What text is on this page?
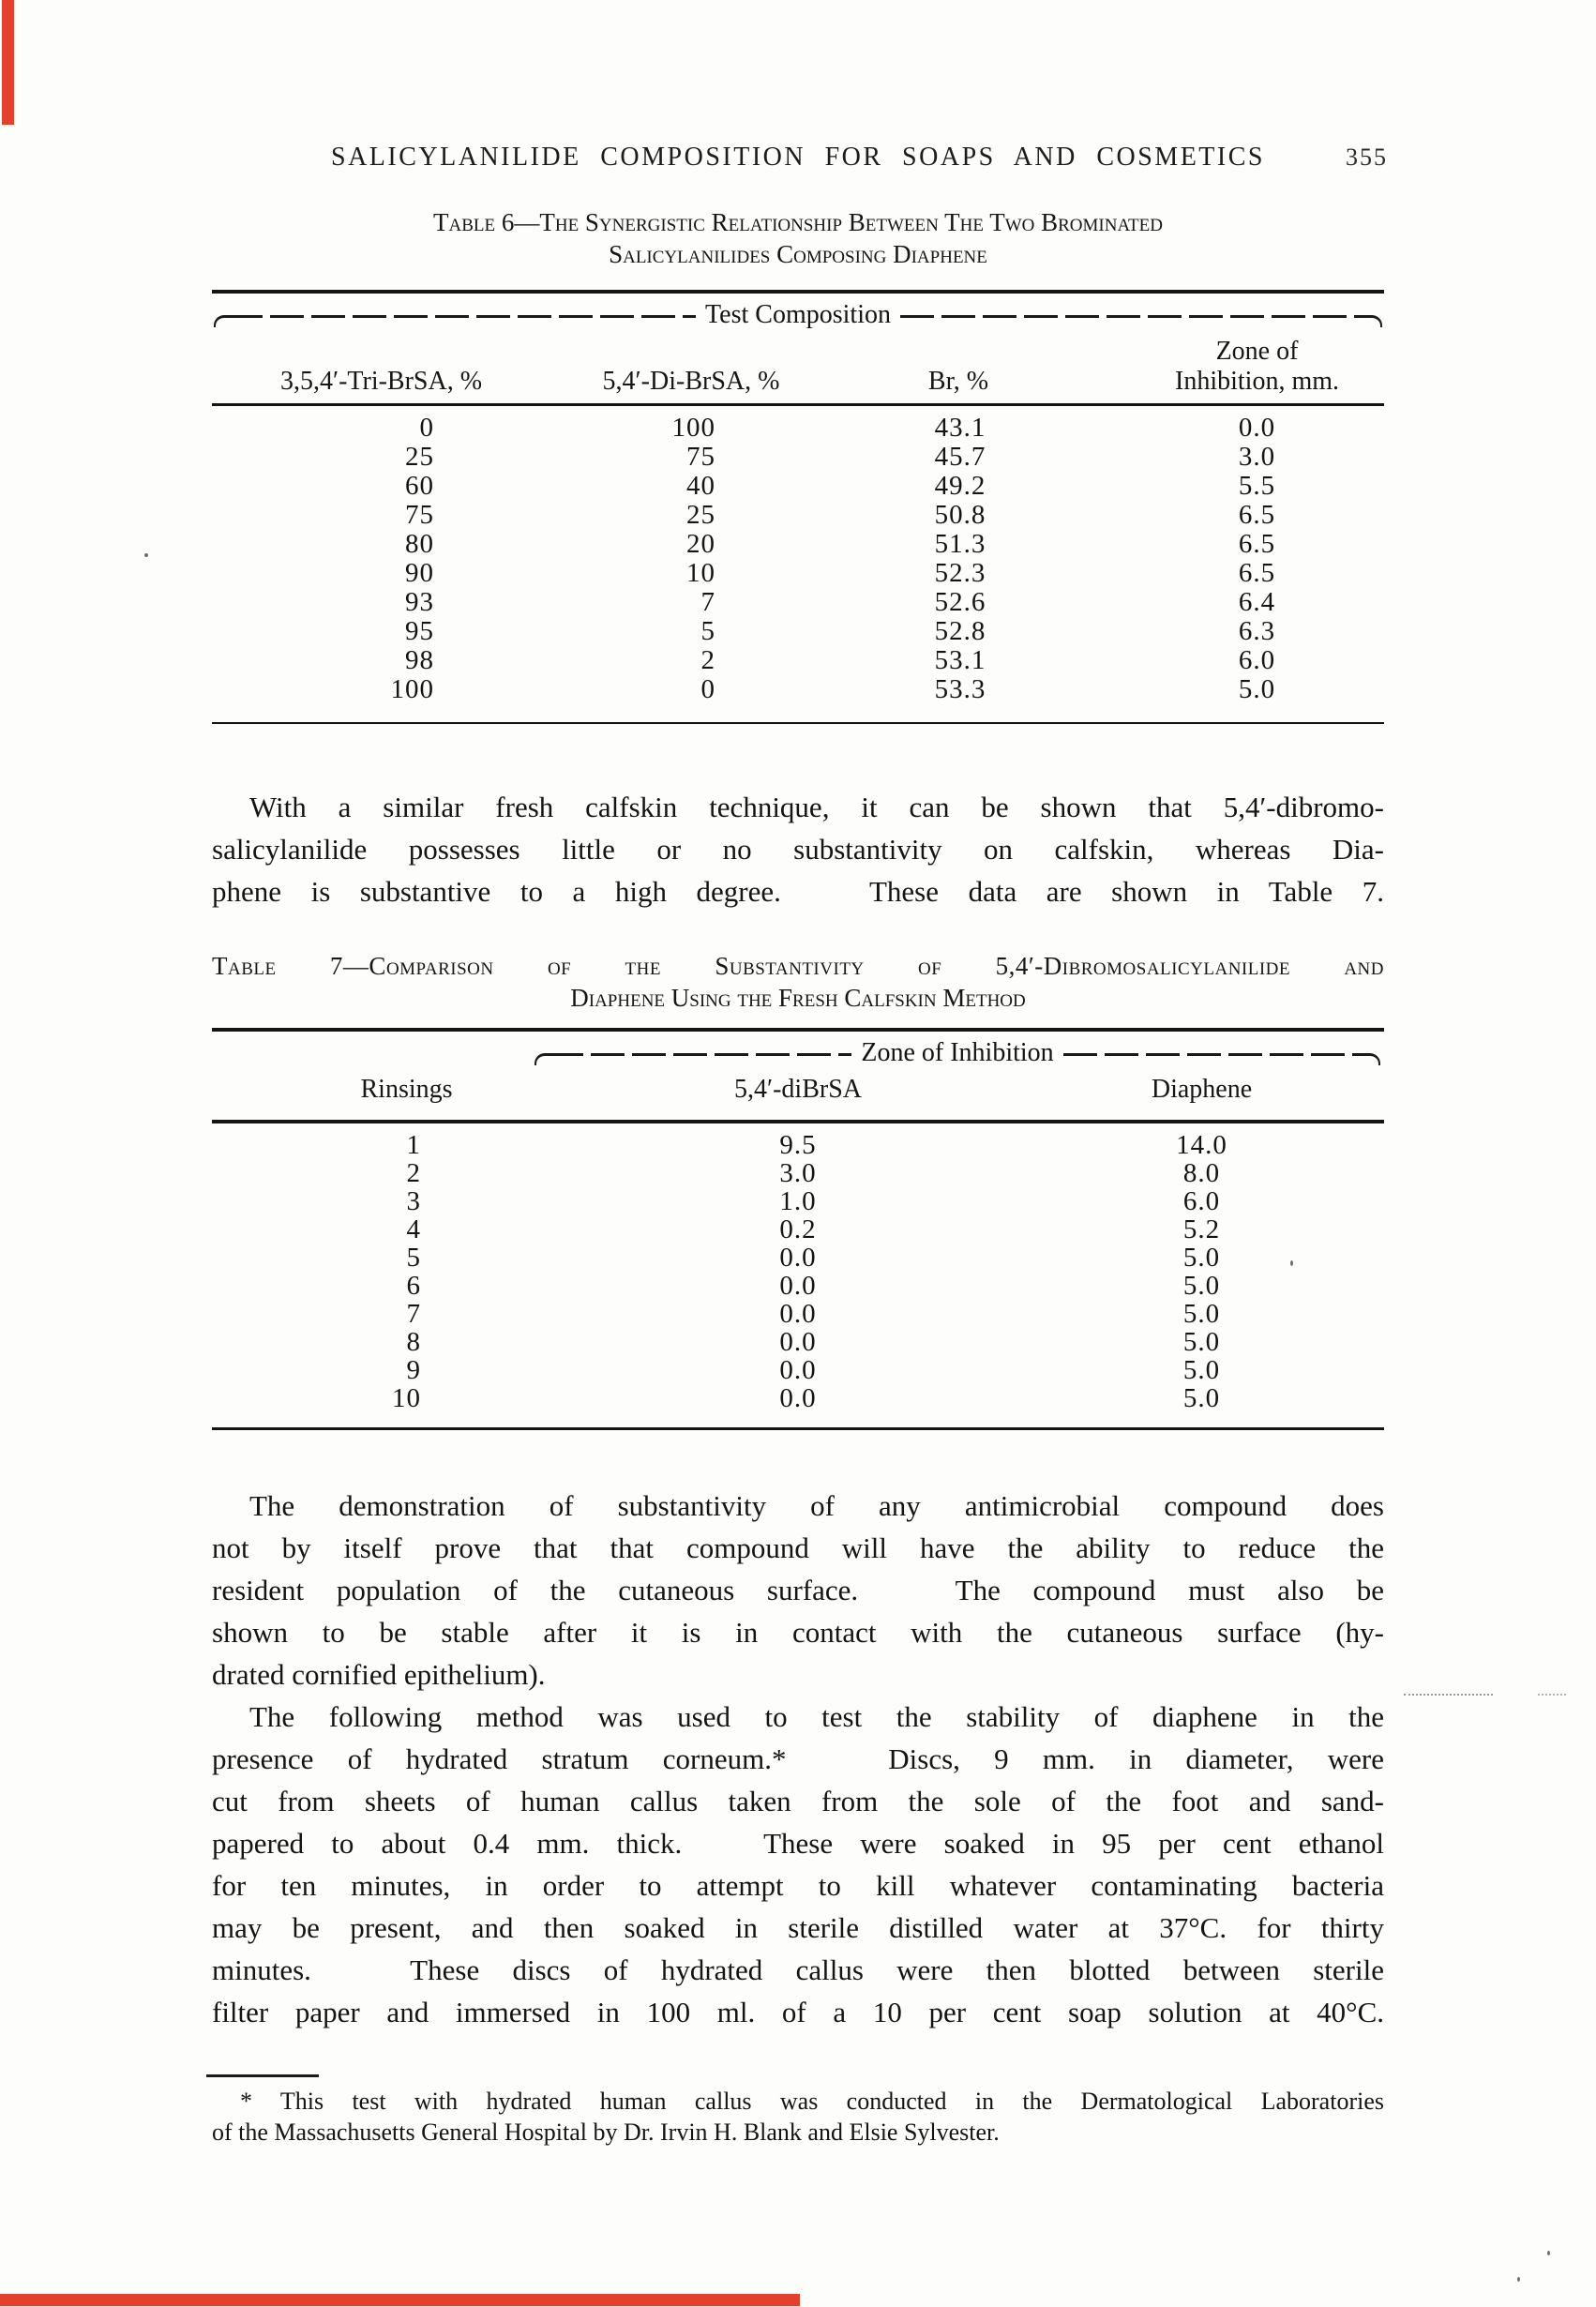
SALICYLANILIDE COMPOSITION FOR SOAPS AND COSMETICS	355
Table 6—The Synergistic Relationship Between The Two Brominated
Salicylanilides Composing Diaphene
Test Composition
3,5,4′-Tri-BrSA, %	5,4′-Di-BrSA, %	Br, %
Zone of
Inhibition, mm.
0	100	43.1	0.0
25	75	45.7	3.0
60	40	49.2	5.5
75	25	50.8	6.5
80	20	51.3	6.5
90	10	52.3	6.5
93	7	52.6	6.4
95	5	52.8	6.3
98	2	53.1	6.0
100	0	53.3	5.0
With a similar fresh calfskin technique, it can be shown that 5,4′-dibromo-
salicylanilide possesses little or no substantivity on calfskin, whereas Dia-
phene is substantive to a high degree.   These data are shown in Table 7.
Table 7—Comparison of the Substantivity of 5,4′-Dibromosalicylanilide and
Diaphene Using the Fresh Calfskin Method
Zone of Inhibition
Rinsings	5,4′-diBrSA	Diaphene
1	9.5	14.0
2	3.0	8.0
3	1.0	6.0
4	0.2	5.2
5	0.0	5.0
6	0.0	5.0
7	0.0	5.0
8	0.0	5.0
9	0.0	5.0
10	0.0	5.0
The demonstration of substantivity of any antimicrobial compound does
not by itself prove that that compound will have the ability to reduce the
resident population of the cutaneous surface.   The compound must also be
shown to be stable after it is in contact with the cutaneous surface (hy-
drated cornified epithelium).
The following method was used to test the stability of diaphene in the
presence of hydrated stratum corneum.*   Discs, 9 mm. in diameter, were
cut from sheets of human callus taken from the sole of the foot and sand-
papered to about 0.4 mm. thick.   These were soaked in 95 per cent ethanol
for ten minutes, in order to attempt to kill whatever contaminating bacteria
may be present, and then soaked in sterile distilled water at 37°C. for thirty
minutes.   These discs of hydrated callus were then blotted between sterile
filter paper and immersed in 100 ml. of a 10 per cent soap solution at 40°C.
* This test with hydrated human callus was conducted in the Dermatological Laboratories
of the Massachusetts General Hospital by Dr. Irvin H. Blank and Elsie Sylvester.
